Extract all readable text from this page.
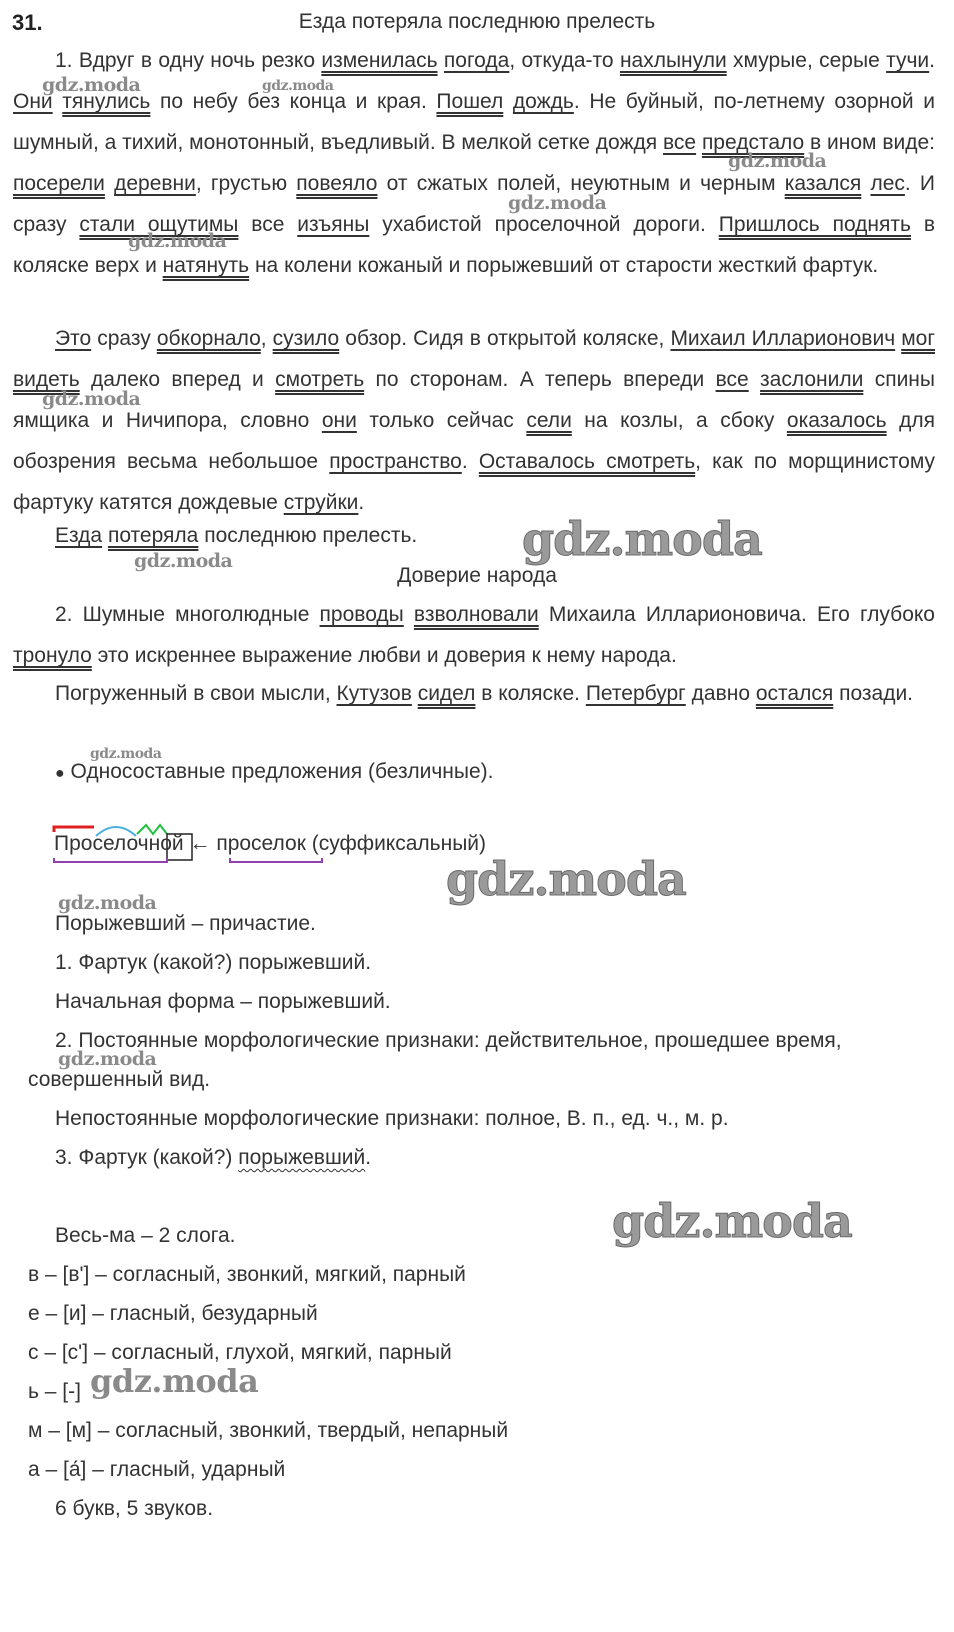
31.	Езда потеряла последнюю прелесть
1. Вдруг в одну ночь резко изменилась погода, откуда-то нахлынули хмурые, серые тучи. Они тянулись по небу без конца и края. Пошел дождь. Не буйный, по-летнему озорной и шумный, а тихий, монотонный, въедливый. В мелкой сетке дождя все предстало в ином виде: посерели деревни, грустью повеяло от сжатых полей, неуютным и черным казался лес. И сразу стали ощутимы все изъяны ухабистой проселочной дороги. Пришлось поднять в коляске верх и натянуть на колени кожаный и порыжевший от старости жесткий фартук.
Это сразу обкорнало, сузило обзор. Сидя в открытой коляске, Михаил Илларионович мог видеть далеко вперед и смотреть по сторонам. А теперь впереди все заслонили спины ямщика и Ничипора, словно они только сейчас сели на козлы, а сбоку оказалось для обозрения весьма небольшое пространство. Оставалось смотреть, как по морщинистому фартуку катятся дождевые струйки.
Езда потеряла последнюю прелесть.
Доверие народа
2. Шумные многолюдные проводы взволновали Михаила Илларионовича. Его глубоко тронуло это искреннее выражение любви и доверия к нему народа.
Погруженный в свои мысли, Кутузов сидел в коляске. Петербург давно остался позади.
● Односоставные предложения (безличные).
Проселочной ← проселок (суффиксальный)
Порыжевший – причастие.
1. Фартук (какой?) порыжевший.
Начальная форма – порыжевший.
2. Постоянные морфологические признаки: действительное, прошедшее время,
совершенный вид.
Непостоянные морфологические признаки: полное, В. п., ед. ч., м. р.
3. Фартук (какой?) порыжевший.
Весь-ма – 2 слога.
в – [в'] – согласный, звонкий, мягкий, парный
е – [и] – гласный, безударный
с – [с'] – согласный, глухой, мягкий, парный
ь – [-]
м – [м] – согласный, звонкий, твердый, непарный
а – [а́] – гласный, ударный
6 букв, 5 звуков.
gdz.moda	gdz.moda
gdz.moda
gdz.moda
gdz.moda
gdz.moda
gdz.moda	gdz.moda
gdz.moda
gdz.moda
gdz.moda
gdz.moda
gdz.moda
gdz.moda
